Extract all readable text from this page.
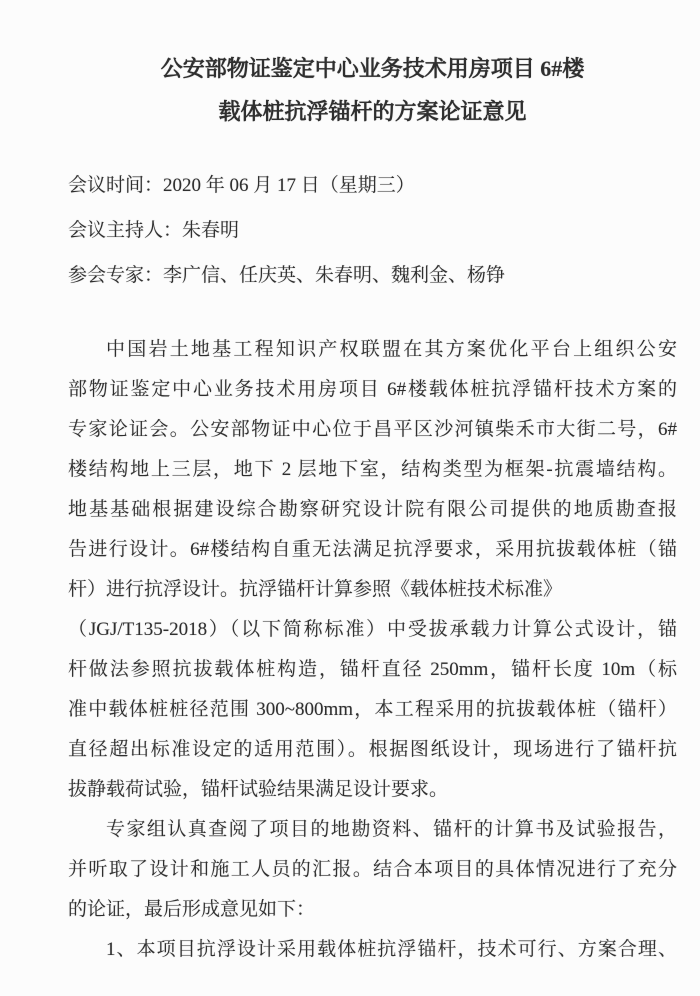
公安部物证鉴定中心业务技术用房项目 6#楼
载体桩抗浮锚杆的方案论证意见
会议时间：2020 年 06 月 17 日（星期三）
会议主持人：朱春明
参会专家：李广信、任庆英、朱春明、魏利金、杨铮
中国岩土地基工程知识产权联盟在其方案优化平台上组织公安
部物证鉴定中心业务技术用房项目 6#楼载体桩抗浮锚杆技术方案的
专家论证会。公安部物证中心位于昌平区沙河镇柴禾市大街二号，6#
楼结构地上三层，地下 2 层地下室，结构类型为框架-抗震墙结构。
地基基础根据建设综合勘察研究设计院有限公司提供的地质勘查报
告进行设计。6#楼结构自重无法满足抗浮要求，采用抗拔载体桩（锚
杆）进行抗浮设计。抗浮锚杆计算参照《载体桩技术标准》
（JGJ/T135-2018）（以下简称标准）中受拔承载力计算公式设计，锚
杆做法参照抗拔载体桩构造，锚杆直径 250mm，锚杆长度 10m（标
准中载体桩桩径范围 300~800mm，本工程采用的抗拔载体桩（锚杆）
直径超出标准设定的适用范围）。根据图纸设计，现场进行了锚杆抗
拔静载荷试验，锚杆试验结果满足设计要求。
专家组认真查阅了项目的地勘资料、锚杆的计算书及试验报告，
并听取了设计和施工人员的汇报。结合本项目的具体情况进行了充分
的论证，最后形成意见如下：
1、本项目抗浮设计采用载体桩抗浮锚杆，技术可行、方案合理、
